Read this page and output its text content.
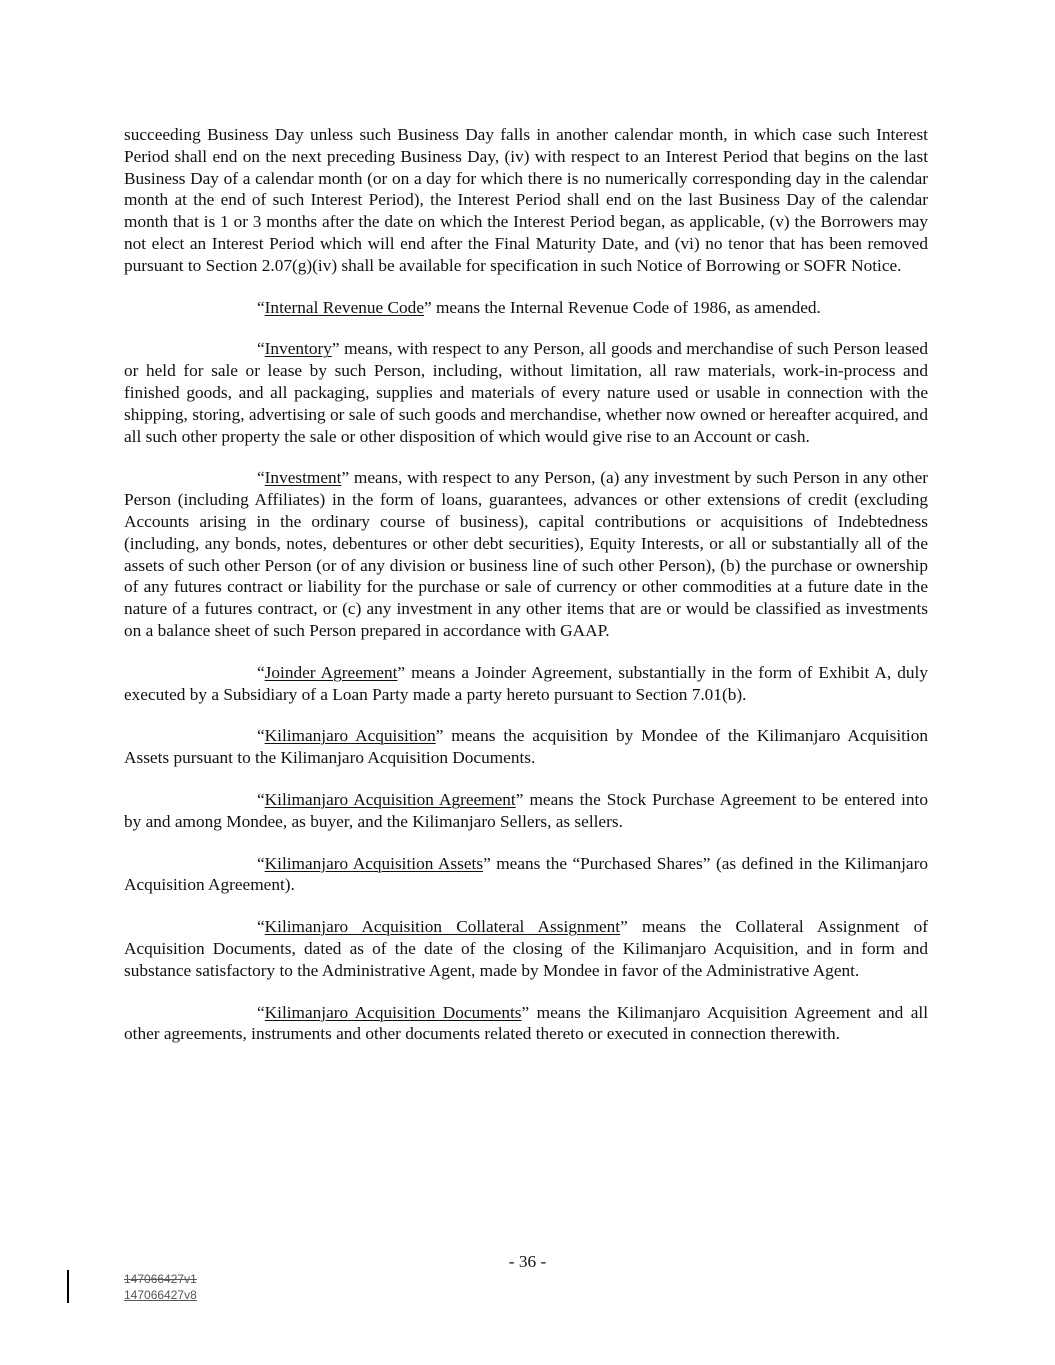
succeeding Business Day unless such Business Day falls in another calendar month, in which case such Interest Period shall end on the next preceding Business Day, (iv) with respect to an Interest Period that begins on the last Business Day of a calendar month (or on a day for which there is no numerically corresponding day in the calendar month at the end of such Interest Period), the Interest Period shall end on the last Business Day of the calendar month that is 1 or 3 months after the date on which the Interest Period began, as applicable, (v) the Borrowers may not elect an Interest Period which will end after the Final Maturity Date, and (vi) no tenor that has been removed pursuant to Section 2.07(g)(iv) shall be available for specification in such Notice of Borrowing or SOFR Notice.

“Internal Revenue Code” means the Internal Revenue Code of 1986, as amended.

“Inventory” means, with respect to any Person, all goods and merchandise of such Person leased or held for sale or lease by such Person, including, without limitation, all raw materials, work-in-process and finished goods, and all packaging, supplies and materials of every nature used or usable in connection with the shipping, storing, advertising or sale of such goods and merchandise, whether now owned or hereafter acquired, and all such other property the sale or other disposition of which would give rise to an Account or cash.

“Investment” means, with respect to any Person, (a) any investment by such Person in any other Person (including Affiliates) in the form of loans, guarantees, advances or other extensions of credit (excluding Accounts arising in the ordinary course of business), capital contributions or acquisitions of Indebtedness (including, any bonds, notes, debentures or other debt securities), Equity Interests, or all or substantially all of the assets of such other Person (or of any division or business line of such other Person), (b) the purchase or ownership of any futures contract or liability for the purchase or sale of currency or other commodities at a future date in the nature of a futures contract, or (c) any investment in any other items that are or would be classified as investments on a balance sheet of such Person prepared in accordance with GAAP.

“Joinder Agreement” means a Joinder Agreement, substantially in the form of Exhibit A, duly executed by a Subsidiary of a Loan Party made a party hereto pursuant to Section 7.01(b).

“Kilimanjaro Acquisition” means the acquisition by Mondee of the Kilimanjaro Acquisition Assets pursuant to the Kilimanjaro Acquisition Documents.

“Kilimanjaro Acquisition Agreement” means the Stock Purchase Agreement to be entered into by and among Mondee, as buyer, and the Kilimanjaro Sellers, as sellers.

“Kilimanjaro Acquisition Assets” means the “Purchased Shares” (as defined in the Kilimanjaro Acquisition Agreement).

“Kilimanjaro Acquisition Collateral Assignment” means the Collateral Assignment of Acquisition Documents, dated as of the date of the closing of the Kilimanjaro Acquisition, and in form and substance satisfactory to the Administrative Agent, made by Mondee in favor of the Administrative Agent.

“Kilimanjaro Acquisition Documents” means the Kilimanjaro Acquisition Agreement and all other agreements, instruments and other documents related thereto or executed in connection therewith.

- 36 -
147066427v1
147066427v8
